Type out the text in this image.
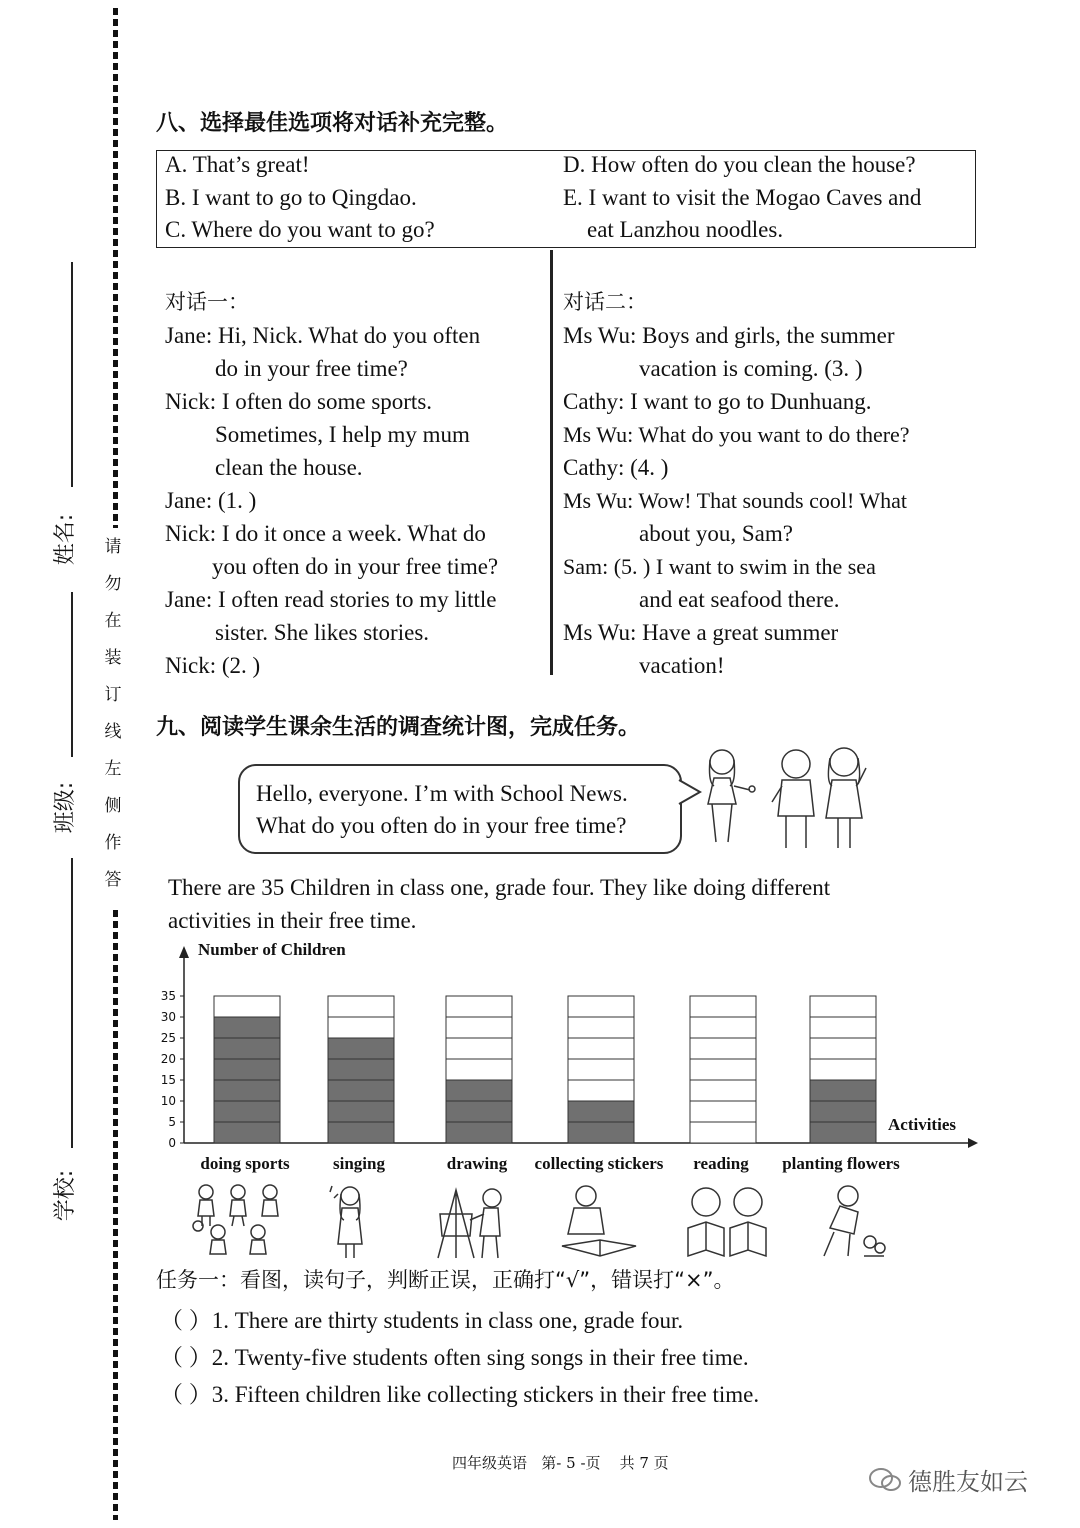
请
勿
在
装
订
线
左
侧
作
答
姓名:
班级:
学校:
八、选择最佳选项将对话补充完整。
A. That’s great!
B. I want to go to Qingdao.
C. Where do you want to go?
D. How often do you clean the house?
E. I want to visit the Mogao Caves and
eat Lanzhou noodles.
对话一：
Jane: Hi, Nick. What do you often
do in your free time?
Nick: I often do some sports.
Sometimes, I help my mum
clean the house.
Jane: (1. )
Nick: I do it once a week. What do
you often do in your free time?
Jane: I often read stories to my little
sister. She likes stories.
Nick: (2. )
对话二：
Ms Wu: Boys and girls, the summer
vacation is coming. (3. )
Cathy: I want to go to Dunhuang.
Ms Wu: What do you want to do there?
Cathy: (4. )
Ms Wu: Wow! That sounds cool! What
about you, Sam?
Sam: (5. ) I want to swim in the sea
and eat seafood there.
Ms Wu: Have a great summer
vacation!
九、阅读学生课余生活的调查统计图，完成任务。
Hello, everyone. I’m with School News.
What do you often do in your free time?
There are 35 Children in class one, grade four. They like doing different
activities in their free time.
Number of Children
Activities
0
5
10
15
20
25
30
35
doing sports	singing	drawing collecting stickers reading planting flowers
任务一：看图，读句子，判断正误，正确打“√”，错误打“×”。
（ ）1. There are thirty students in class one, grade four.
（ ）2. Twenty-five students often sing songs in their free time.
（ ）3. Fifteen children like collecting stickers in their free time.
四年级英语   第- 5 -页    共 7 页
德胜友如云
